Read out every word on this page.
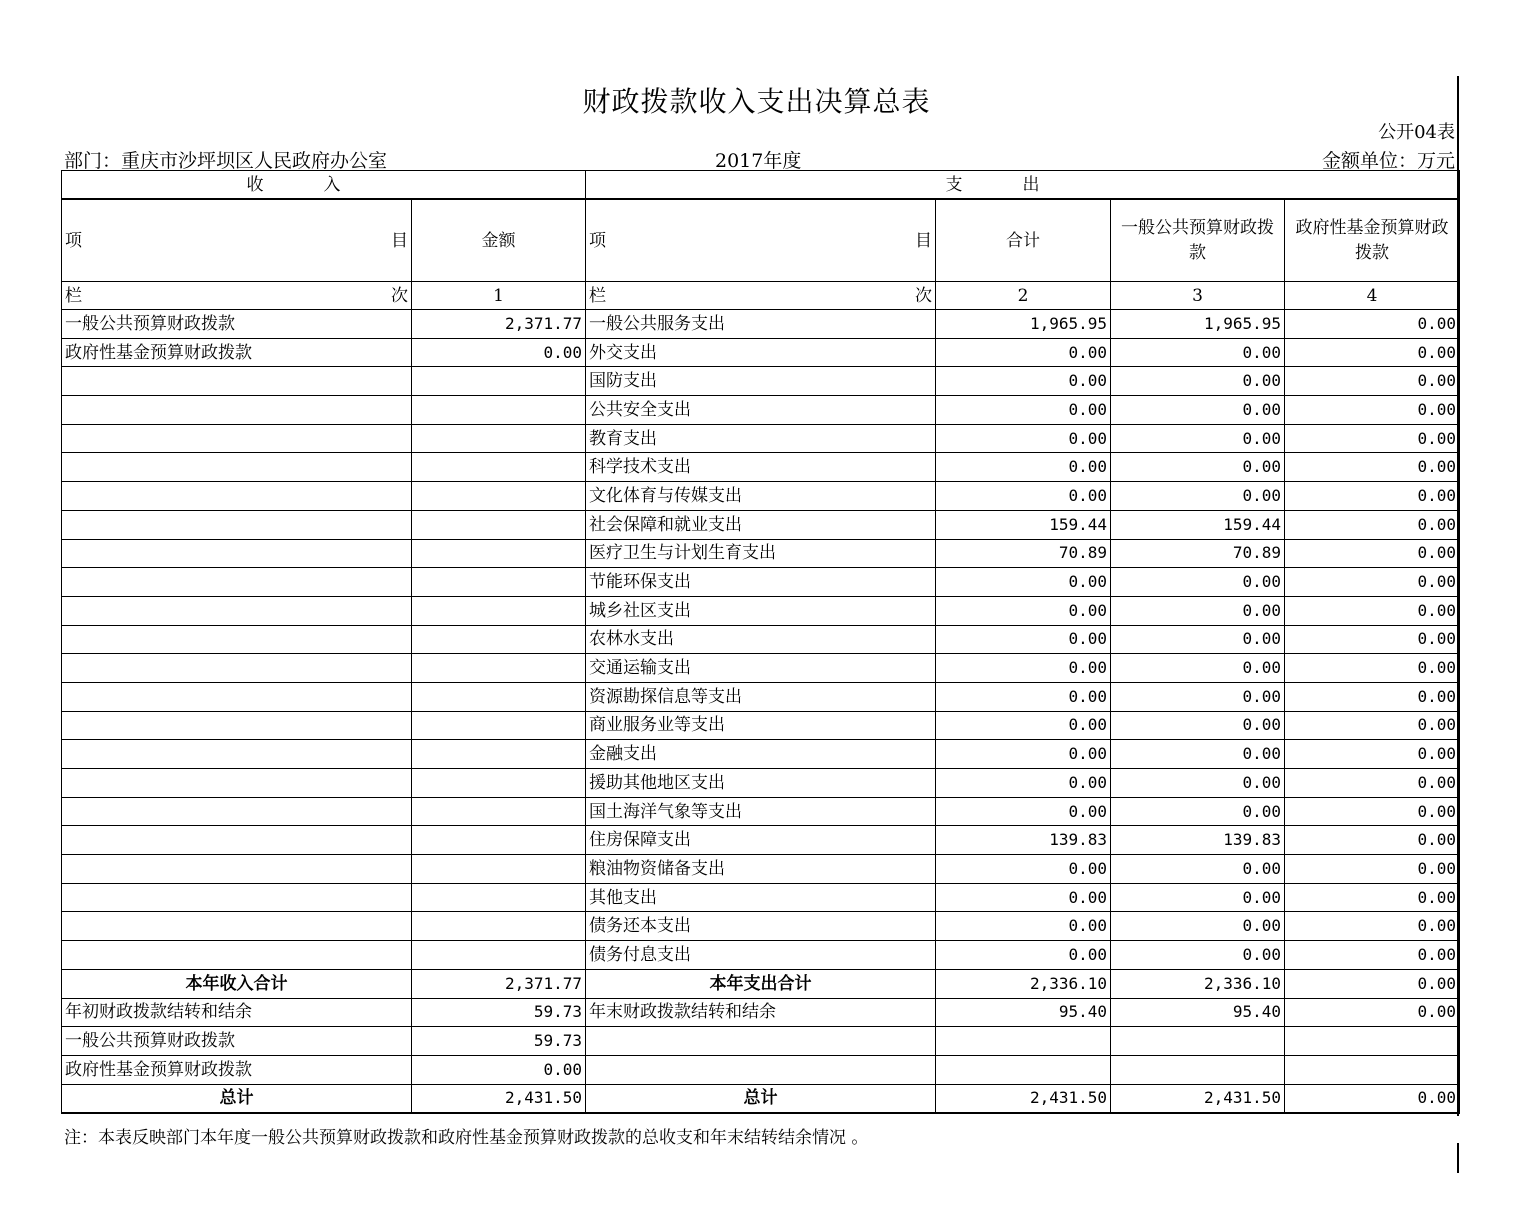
财政拨款收入支出决算总表
公开04表
部门：重庆市沙坪坝区人民政府办公室	2017年度	金额单位：万元
收入		支出			

项 目	金额	项 目	合计	一般公共预算财政拨款	政府性基金预算财政拨款

栏 次	1	栏 次	2	3	4
一般公共预算财政拨款	2,371.77	一般公共服务支出	1,965.95	1,965.95	0.00
政府性基金预算财政拨款	0.00	外交支出	0.00	0.00	0.00
		国防支出	0.00	0.00	0.00
		公共安全支出	0.00	0.00	0.00
		教育支出	0.00	0.00	0.00
		科学技术支出	0.00	0.00	0.00
		文化体育与传媒支出	0.00	0.00	0.00
		社会保障和就业支出	159.44	159.44	0.00
		医疗卫生与计划生育支出	70.89	70.89	0.00
		节能环保支出	0.00	0.00	0.00
		城乡社区支出	0.00	0.00	0.00
		农林水支出	0.00	0.00	0.00
		交通运输支出	0.00	0.00	0.00
		资源勘探信息等支出	0.00	0.00	0.00
		商业服务业等支出	0.00	0.00	0.00
		金融支出	0.00	0.00	0.00
		援助其他地区支出	0.00	0.00	0.00
		国土海洋气象等支出	0.00	0.00	0.00
		住房保障支出	139.83	139.83	0.00
		粮油物资储备支出	0.00	0.00	0.00
		其他支出	0.00	0.00	0.00
		债务还本支出	0.00	0.00	0.00
		债务付息支出	0.00	0.00	0.00
本年收入合计	2,371.77	本年支出合计	2,336.10	2,336.10	0.00
年初财政拨款结转和结余	59.73	年末财政拨款结转和结余	95.40	95.40	0.00
一般公共预算财政拨款	59.73				
政府性基金预算财政拨款	0.00				
总计	2,431.50	总计	2,431.50	2,431.50	0.00
注：本表反映部门本年度一般公共预算财政拨款和政府性基金预算财政拨款的总收支和年末结转结余情况 。
